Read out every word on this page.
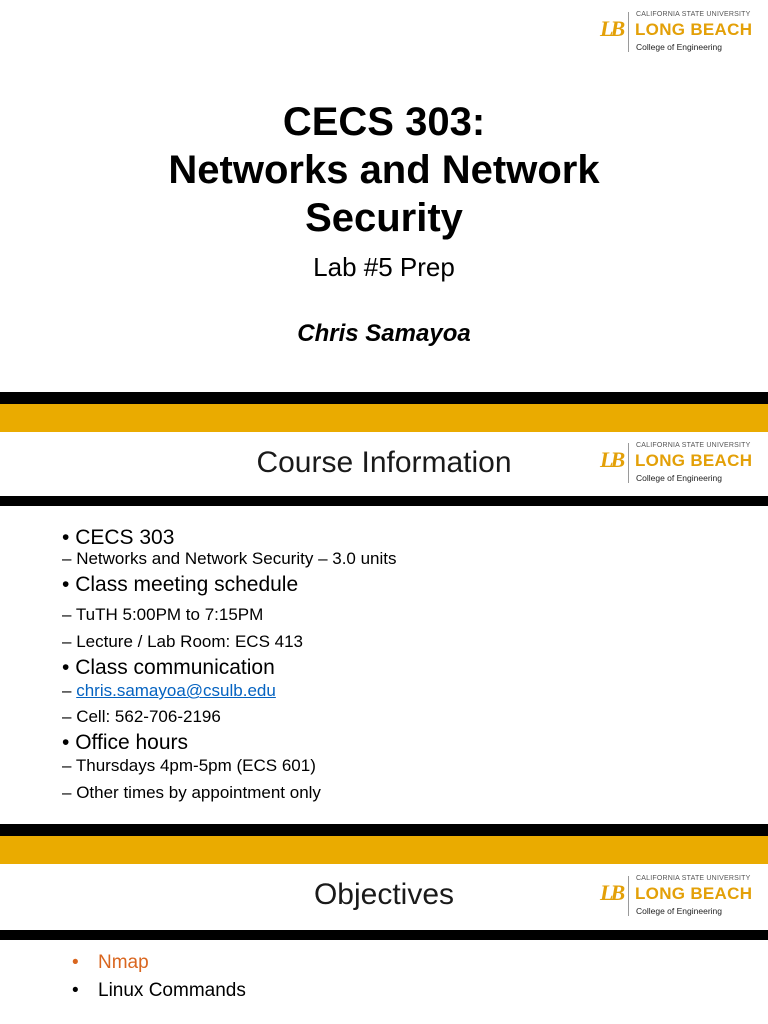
LB
CALIFORNIA STATE UNIVERSITY
LONG BEACH
College of Engineering
CECS 303:
Networks and Network
Security
Lab #5 Prep
Chris Samayoa
Course Information	LB
CALIFORNIA STATE UNIVERSITY
LONG BEACH
College of Engineering
• CECS 303
– Networks and Network Security – 3.0 units
• Class meeting schedule
– TuTH 5:00PM to 7:15PM
– Lecture / Lab Room: ECS 413
• Class communication
– chris.samayoa@csulb.edu
– Cell: 562-706-2196
• Office hours
– Thursdays 4pm-5pm (ECS 601)
– Other times by appointment only
Objectives	LB
CALIFORNIA STATE UNIVERSITY
LONG BEACH
College of Engineering
• Nmap
• Linux Commands
